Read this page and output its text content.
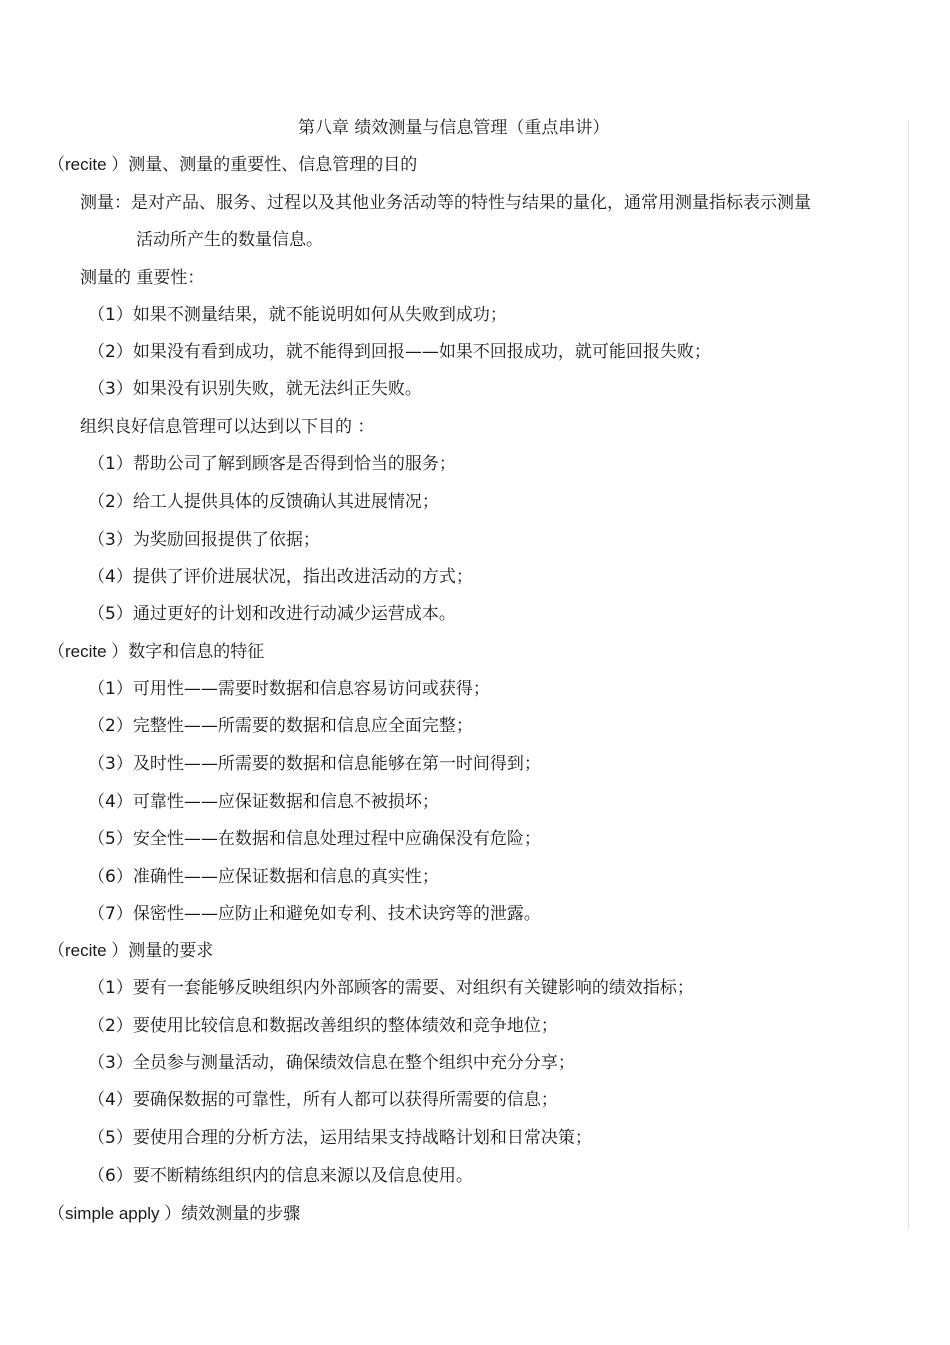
第八章 绩效测量与信息管理（重点串讲）
（recite ）测量、测量的重要性、信息管理的目的
测量：是对产品、服务、过程以及其他业务活动等的特性与结果的量化，通常用测量指标表示测量
活动所产生的数量信息。
测量的 重要性：
（1）如果不测量结果，就不能说明如何从失败到成功；
（2）如果没有看到成功，就不能得到回报——如果不回报成功，就可能回报失败；
（3）如果没有识别失败，就无法纠正失败。
组织良好信息管理可以达到以下目的 ：
（1）帮助公司了解到顾客是否得到恰当的服务；
（2）给工人提供具体的反馈确认其进展情况；
（3）为奖励回报提供了依据；
（4）提供了评价进展状况，指出改进活动的方式；
（5）通过更好的计划和改进行动减少运营成本。
（recite ）数字和信息的特征
（1）可用性——需要时数据和信息容易访问或获得；
（2）完整性——所需要的数据和信息应全面完整；
（3）及时性——所需要的数据和信息能够在第一时间得到；
（4）可靠性——应保证数据和信息不被损坏；
（5）安全性——在数据和信息处理过程中应确保没有危险；
（6）准确性——应保证数据和信息的真实性；
（7）保密性——应防止和避免如专利、技术诀窍等的泄露。
（recite ）测量的要求
（1）要有一套能够反映组织内外部顾客的需要、对组织有关键影响的绩效指标；
（2）要使用比较信息和数据改善组织的整体绩效和竞争地位；
（3）全员参与测量活动，确保绩效信息在整个组织中充分分享；
（4）要确保数据的可靠性，所有人都可以获得所需要的信息；
（5）要使用合理的分析方法，运用结果支持战略计划和日常决策；
（6）要不断精练组织内的信息来源以及信息使用。
（simple apply ）绩效测量的步骤
